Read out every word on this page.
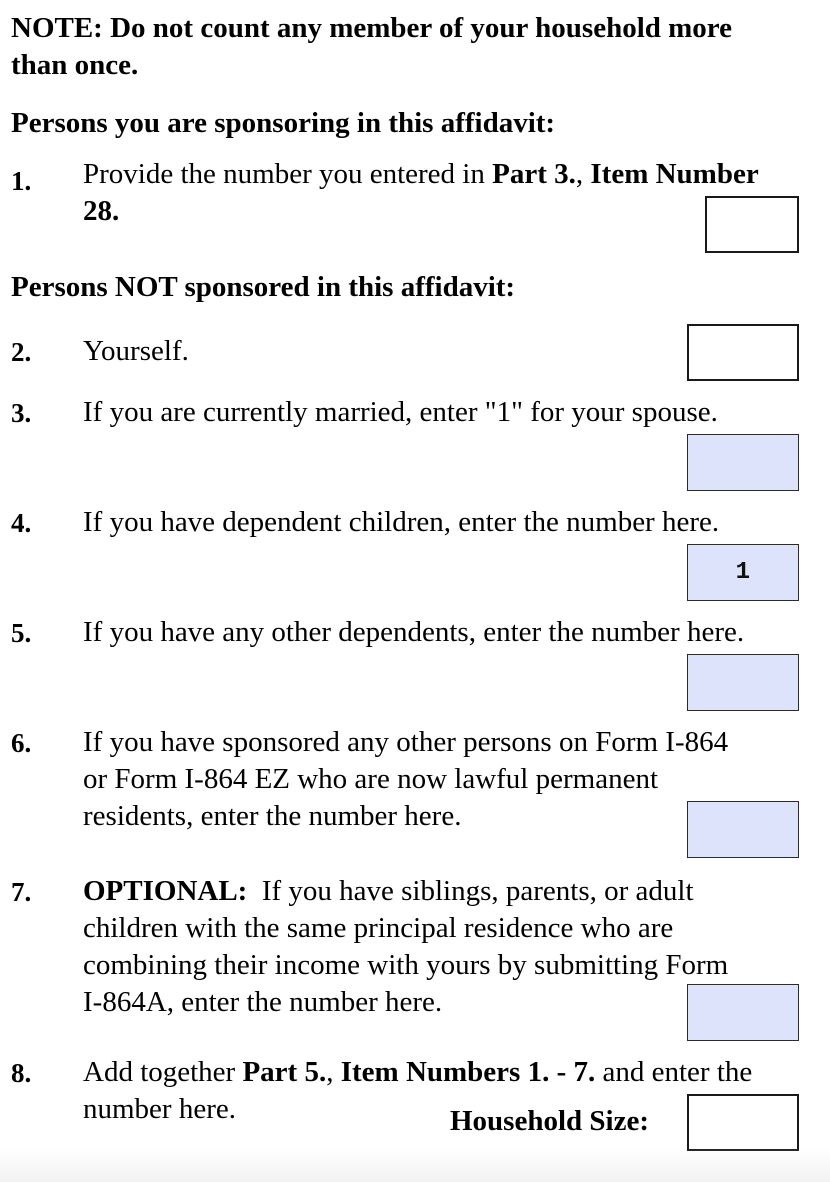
NOTE: Do not count any member of your household more
than once.
Persons you are sponsoring in this affidavit:
1. Provide the number you entered in Part 3., Item Number
28.
Persons NOT sponsored in this affidavit:
2. Yourself.
3. If you are currently married, enter "1" for your spouse.
4. If you have dependent children, enter the number here.
1
5. If you have any other dependents, enter the number here.
6. If you have sponsored any other persons on Form I-864
or Form I-864 EZ who are now lawful permanent
residents, enter the number here.
7. OPTIONAL:  If you have siblings, parents, or adult
children with the same principal residence who are
combining their income with yours by submitting Form
I-864A, enter the number here.
8. Add together Part 5., Item Numbers 1. - 7. and enter the
number here.	Household Size:
